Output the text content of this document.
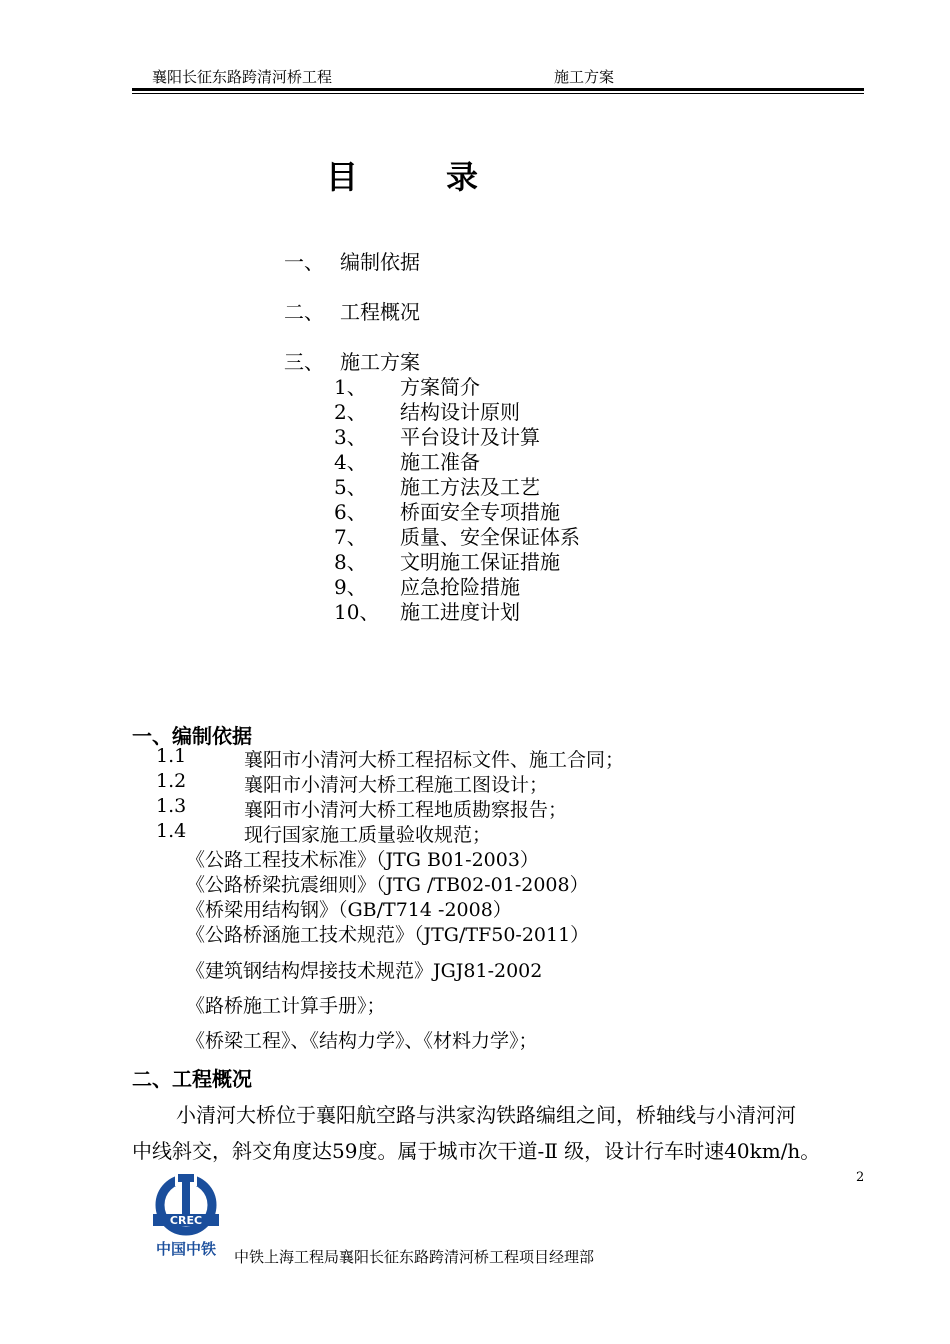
襄阳长征东路跨清河桥工程	施工方案
目	录
一、 编制依据
二、 工程概况
三、 施工方案
1、 方案简介
2、 结构设计原则
3、 平台设计及计算
4、 施工准备
5、 施工方法及工艺
6、 桥面安全专项措施
7、 质量、安全保证体系
8、 文明施工保证措施
9、 应急抢险措施
10、 施工进度计划
一、编制依据
1.1	襄阳市小清河大桥工程招标文件、施工合同；
1.2	襄阳市小清河大桥工程施工图设计；
1.3	襄阳市小清河大桥工程地质勘察报告；
1.4	现行国家施工质量验收规范；
《公路工程技术标准》（JTG B01-2003）
《公路桥梁抗震细则》（JTG /TB02-01-2008）
《桥梁用结构钢》（GB/T714 -2008）
《公路桥涵施工技术规范》（JTG/TF50-2011）
《建筑钢结构焊接技术规范》JGJ81-2002
《路桥施工计算手册》；
《桥梁工程》、《结构力学》、《材料力学》；
二、工程概况
小清河大桥位于襄阳航空路与洪家沟铁路编组之间，桥轴线与小清河河
中线斜交，斜交角度达59度。属于城市次干道-Ⅱ 级，设计行车时速40km/h。
2
CREC
中国中铁	中铁上海工程局襄阳长征东路跨清河桥工程项目经理部
